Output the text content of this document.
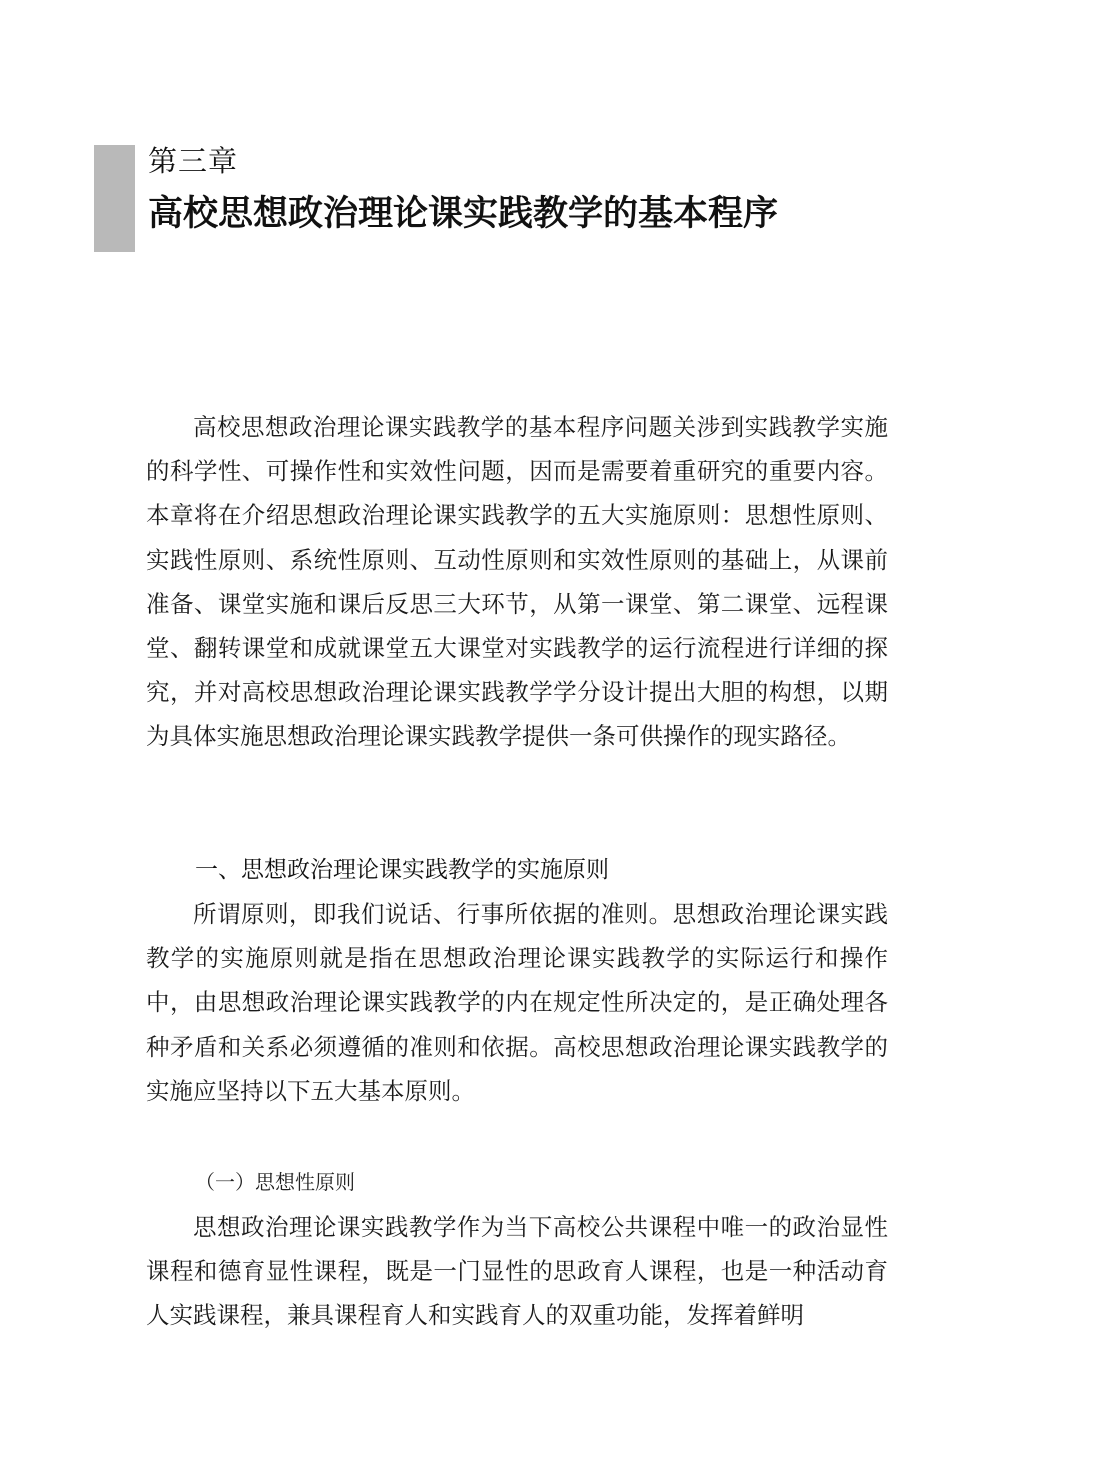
第三章
高校思想政治理论课实践教学的基本程序

高校思想政治理论课实践教学的基本程序问题关涉到实践教学实施的科学性、可操作性和实效性问题，因而是需要着重研究的重要内容。本章将在介绍思想政治理论课实践教学的五大实施原则：思想性原则、实践性原则、系统性原则、互动性原则和实效性原则的基础上，从课前准备、课堂实施和课后反思三大环节，从第一课堂、第二课堂、远程课堂、翻转课堂和成就课堂五大课堂对实践教学的运行流程进行详细的探究，并对高校思想政治理论课实践教学学分设计提出大胆的构想，以期为具体实施思想政治理论课实践教学提供一条可供操作的现实路径。

一、思想政治理论课实践教学的实施原则

所谓原则，即我们说话、行事所依据的准则。思想政治理论课实践教学的实施原则就是指在思想政治理论课实践教学的实际运行和操作中，由思想政治理论课实践教学的内在规定性所决定的，是正确处理各种矛盾和关系必须遵循的准则和依据。高校思想政治理论课实践教学的实施应坚持以下五大基本原则。

（一）思想性原则

思想政治理论课实践教学作为当下高校公共课程中唯一的政治显性课程和德育显性课程，既是一门显性的思政育人课程，也是一种活动育人实践课程，兼具课程育人和实践育人的双重功能，发挥着鲜明
